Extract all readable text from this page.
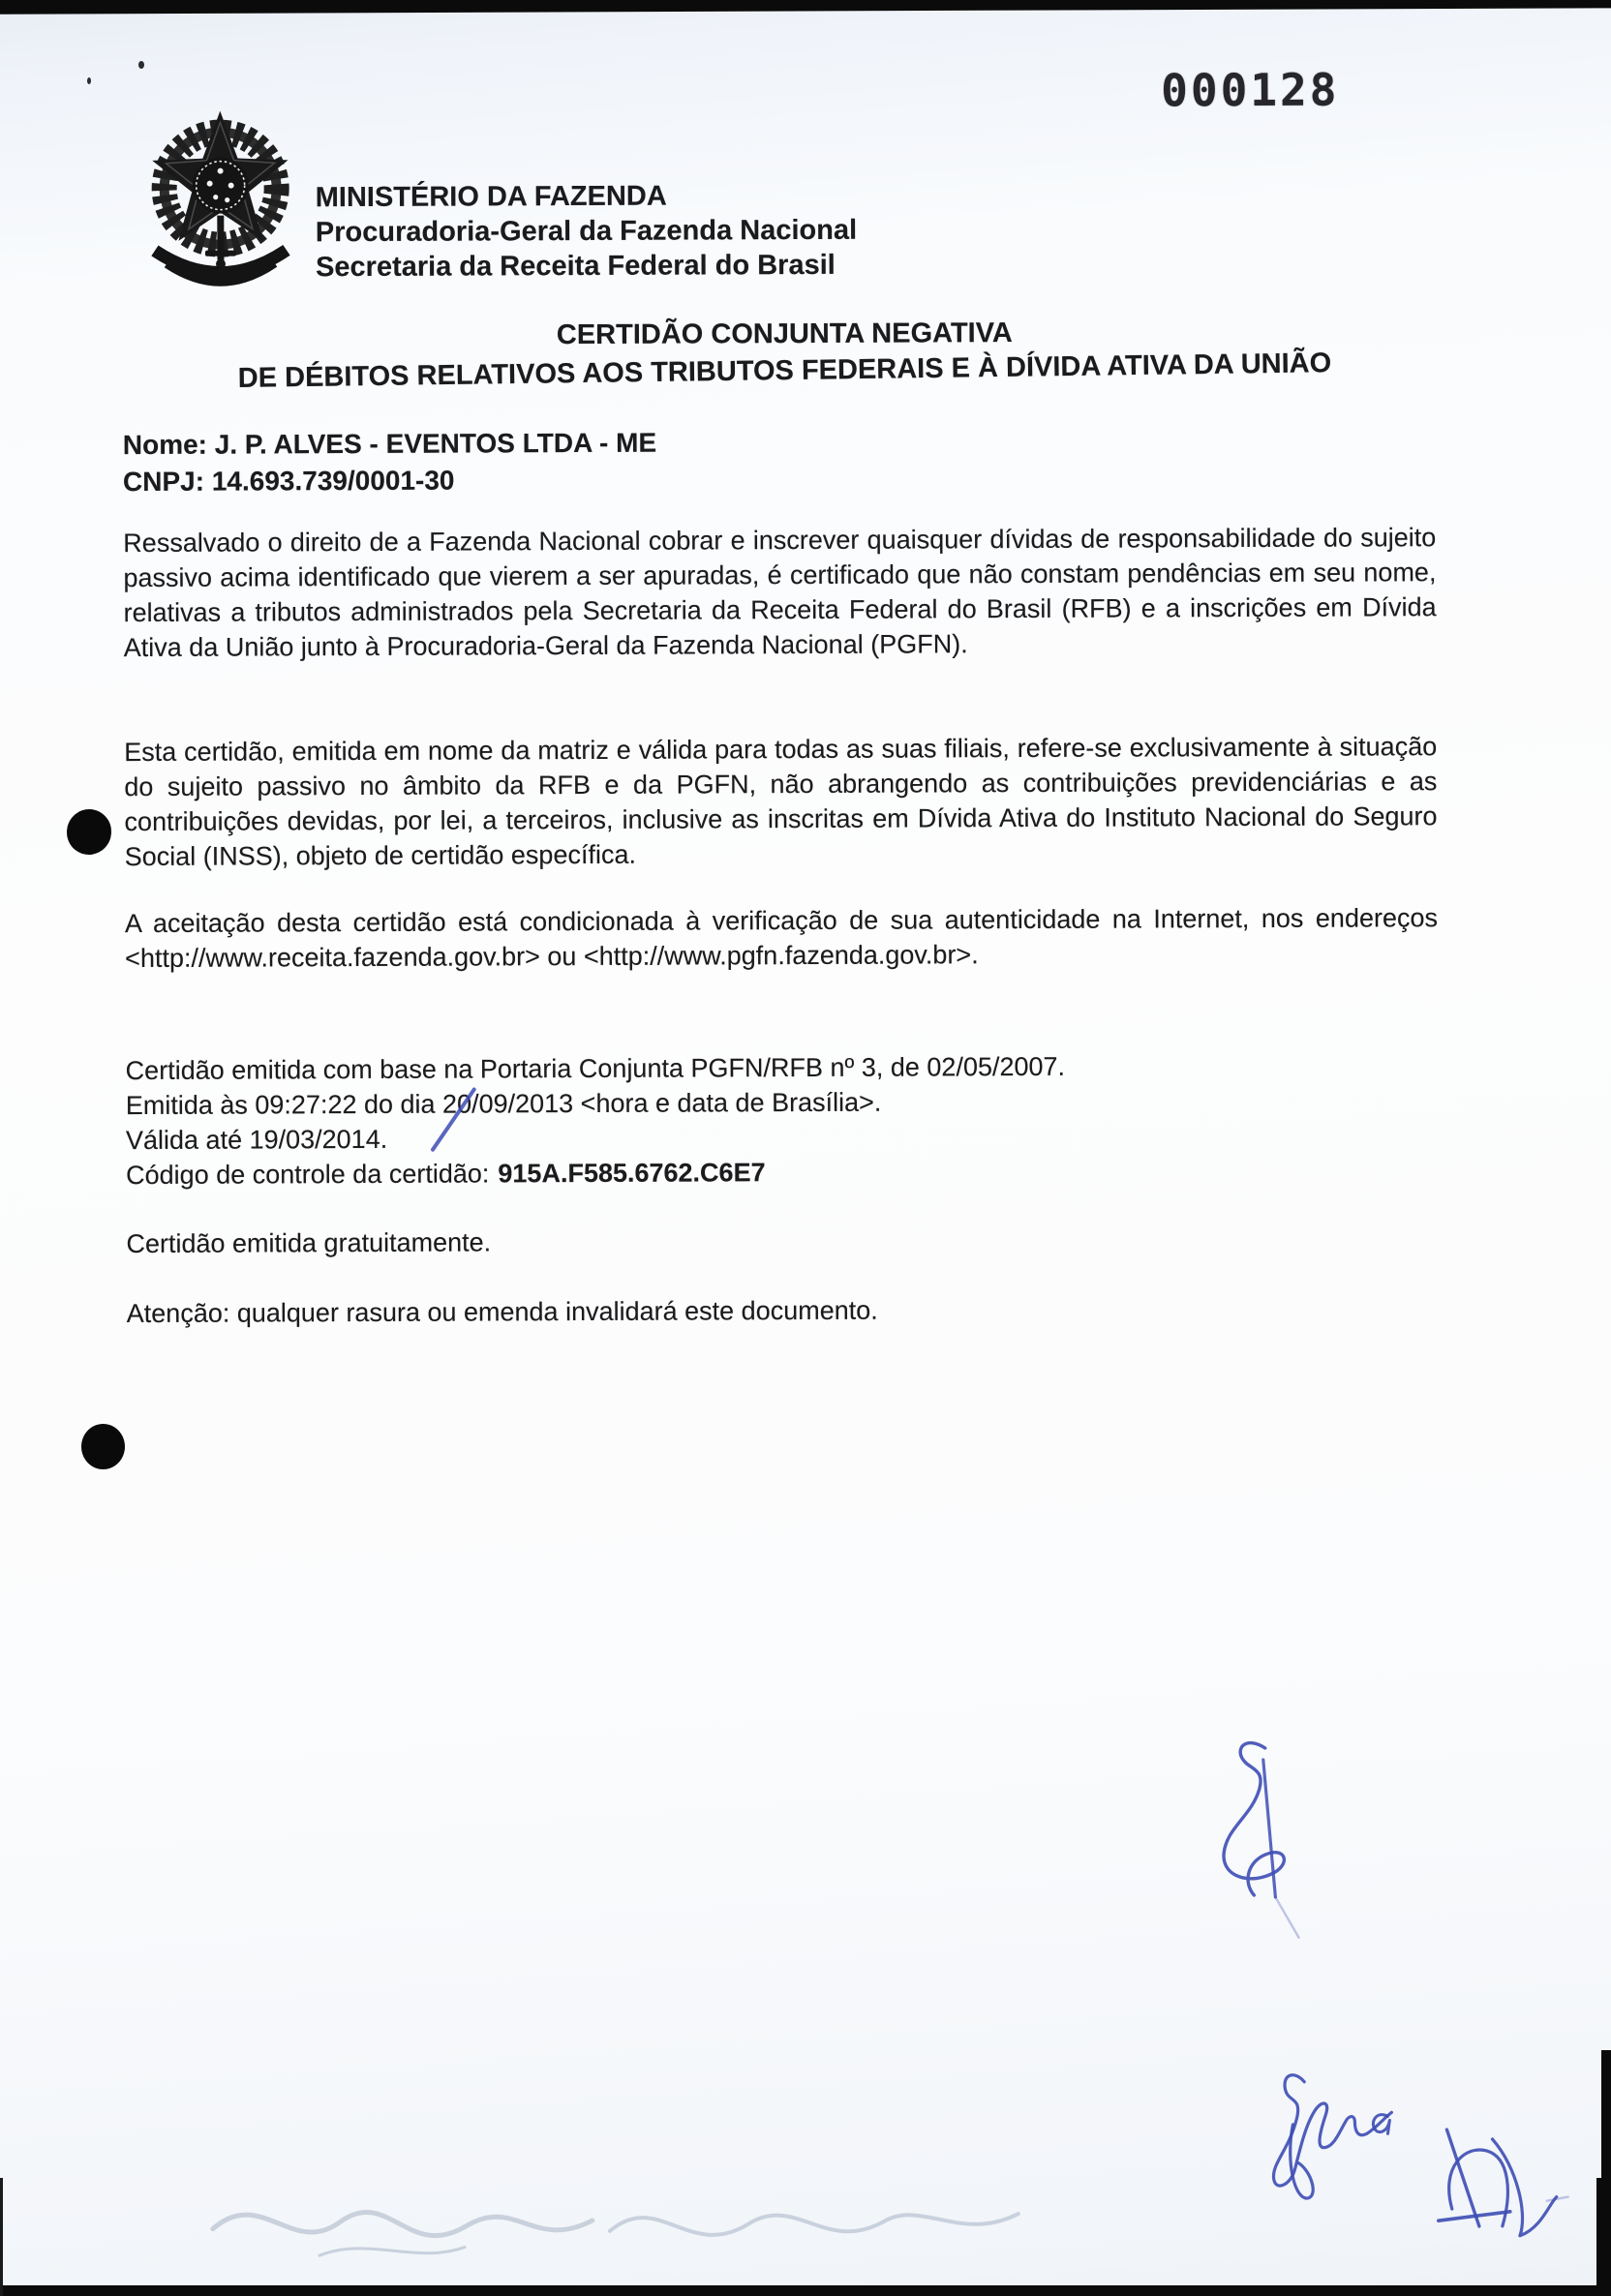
000128
MINISTÉRIO DA FAZENDA
Procuradoria-Geral da Fazenda Nacional
Secretaria da Receita Federal do Brasil
CERTIDÃO CONJUNTA NEGATIVA
DE DÉBITOS RELATIVOS AOS TRIBUTOS FEDERAIS E À DÍVIDA ATIVA DA UNIÃO
Nome: J. P. ALVES - EVENTOS LTDA - ME
CNPJ: 14.693.739/0001-30

Ressalvado o direito de a Fazenda Nacional cobrar e inscrever quaisquer dívidas de responsabilidade do sujeito passivo acima identificado que vierem a ser apuradas, é certificado que não constam pendências em seu nome, relativas a tributos administrados pela Secretaria da Receita Federal do Brasil (RFB) e a inscrições em Dívida Ativa da União junto à Procuradoria-Geral da Fazenda Nacional (PGFN).

Esta certidão, emitida em nome da matriz e válida para todas as suas filiais, refere-se exclusivamente à situação do sujeito passivo no âmbito da RFB e da PGFN, não abrangendo as contribuições previdenciárias e as contribuições devidas, por lei, a terceiros, inclusive as inscritas em Dívida Ativa do Instituto Nacional do Seguro Social (INSS), objeto de certidão específica.

A aceitação desta certidão está condicionada à verificação de sua autenticidade na Internet, nos endereços <http://www.receita.fazenda.gov.br> ou <http://www.pgfn.fazenda.gov.br>.

Certidão emitida com base na Portaria Conjunta PGFN/RFB nº 3, de 02/05/2007.
Emitida às 09:27:22 do dia 20/09/2013 <hora e data de Brasília>.
Válida até 19/03/2014.
Código de controle da certidão: 915A.F585.6762.C6E7
Certidão emitida gratuitamente.
Atenção: qualquer rasura ou emenda invalidará este documento.
